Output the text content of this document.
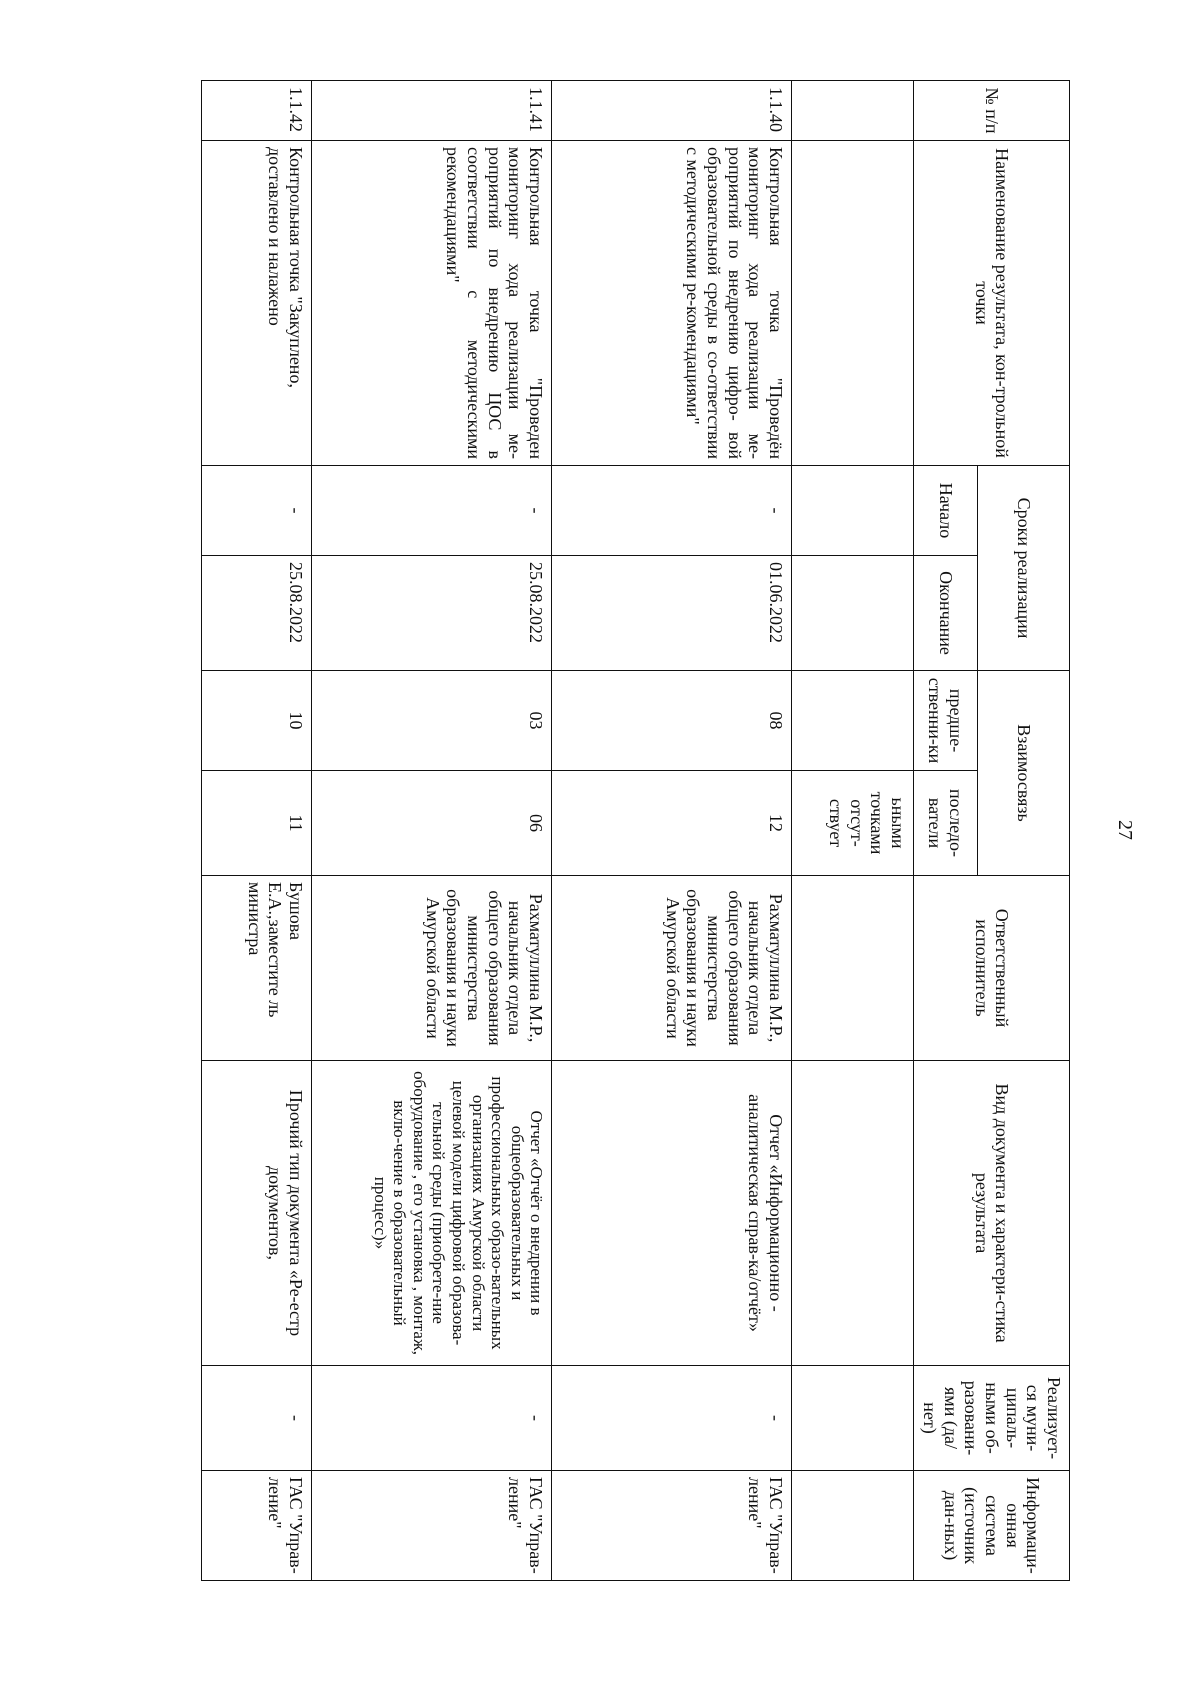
27
№ п/п	Наименование результата, кон-трольной точки	Сроки реализации		Взаимосвязь		Ответственный исполнитель	Вид документа и характери-стика результата	Реализует-ся муни-ципаль-ными об-разовани-ями (да/нет)	Информаци-онная система (источник дан-ных)
		Начало	Окончание	предше-ственни-ки	последо-ватели				
					ьными точками отсут-ствует				
1.1.40	Контрольная точка "Проведён мониторинг хода реализации ме-роприятий по внедрению цифро- вой образовательной среды в со-ответствии с методическими ре-комендациями"	-	01.06.2022	08	12	Рахматуллина М.Р., начальник отдела общего образования министерства образования и науки Амурской области	Отчет «Информационно - аналитическая справ-ка/отчёт»	-	ГАС "Управ-ление"
1.1.41	Контрольная точка "Проведен мониторинг хода реализации ме-роприятий по внедрению ЦОС в соответствии с методическими рекомендациями"	-	25.08.2022	03	06	Рахматуллина М.Р., начальник отдела общего образования министерства образования и науки Амурской области	Отчет «Отчёт о внедрении в общеобразовательных и профессиональных образо-вательных организациях Амурской области целевой модели цифровой образова-тельной среды (приобрете-ние оборудование , его установка , монтаж, вклю-чение в образовательный процесс)»	-	ГАС "Управ-ление"
1.1.42	Контрольная точка "Закуплено, доставлено и налажено	-	25.08.2022	10	11	Бушова Е.А.,заместите ль министра	Прочий тип документа «Ре-естр документов,	-	ГАС "Управ-ление"
